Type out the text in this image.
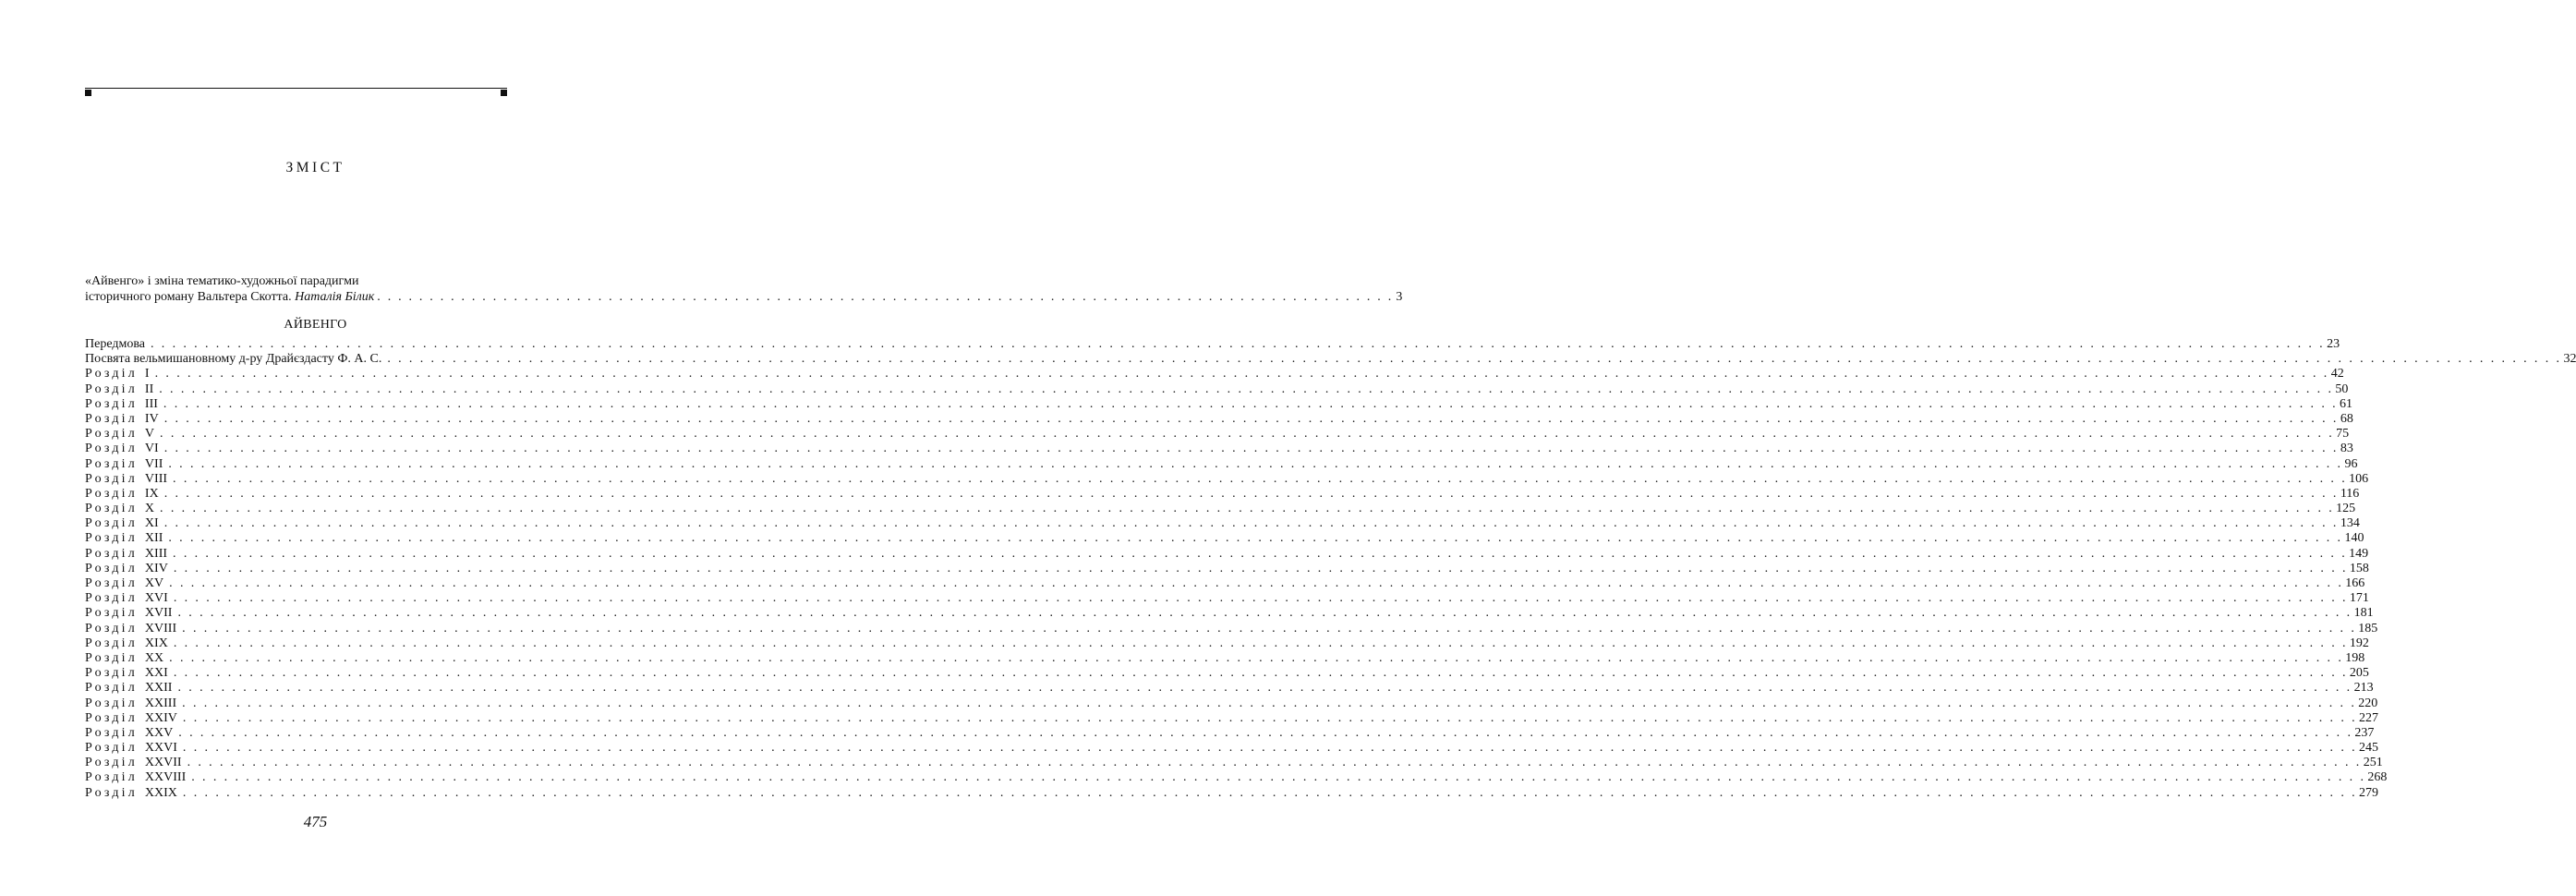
ЗМІСТ
«Айвенго» і зміна тематико-художньої парадигми
історичного роману Вальтера Скотта. Наталія Білик . . . . . . . . . . . . . . . . . . . . . . . . . . . . . . . . . . . . . . . . . . . . . . . . . . . . . . . . . . . . . . . . . . . . . . . . . . . . . . . . . . . . . . . . . . . . . . . . . 3
АЙВЕНГО
Передмова . . . . . . . . . . . . . . . . . . . . . . . . . . . . . . . . . . . . . . . . . . . . . . . . . . . . . . . . . . . . . . . . . . . . . . . . . . . . . . . . . . . . . . . . . . . . . . . . . . . . . . . . . . . . . . . . . . . . . . . . . . . . . . . . . . . . . . . . . . . . . . . . . . . . . . . . . . . . . . . . . . . . . . . . . . . . . . . . . . . . . . . . . . . . . . . . . . . . . . . . 23
Посвята вельмишановному д-ру Драйєздасту Ф. А. С. . . . . . . . . . . . . . . . . . . . . . . . . . . . . . . . . . . . . . . . . . . . . . . . . . . . . . . . . . . . . . . . . . . . . . . . . . . . . . . . . . . . . . . . . . . . . . . . . . . . . . . . . . . . . . . . . . . . . . . . . . . . . . . . . . . . . . . . . . . . . . . . . . . . . . . . . . . . . . . . . . . . . . . . . . . . . . . . . . . . . . . . . . . . . . . . . . . . . . . . . 32
Розділ I . . . . . . . . . . . . . . . . . . . . . . . . . . . . . . . . . . . . . . . . . . . . . . . . . . . . . . . . . . . . . . . . . . . . . . . . . . . . . . . . . . . . . . . . . . . . . . . . . . . . . . . . . . . . . . . . . . . . . . . . . . . . . . . . . . . . . . . . . . . . . . . . . . . . . . . . . . . . . . . . . . . . . . . . . . . . . . . . . . . . . . . . . . . . . . . . . . . . . . . . 42
Розділ II . . . . . . . . . . . . . . . . . . . . . . . . . . . . . . . . . . . . . . . . . . . . . . . . . . . . . . . . . . . . . . . . . . . . . . . . . . . . . . . . . . . . . . . . . . . . . . . . . . . . . . . . . . . . . . . . . . . . . . . . . . . . . . . . . . . . . . . . . . . . . . . . . . . . . . . . . . . . . . . . . . . . . . . . . . . . . . . . . . . . . . . . . . . . . . . . . . . . . . . . 50
Розділ III . . . . . . . . . . . . . . . . . . . . . . . . . . . . . . . . . . . . . . . . . . . . . . . . . . . . . . . . . . . . . . . . . . . . . . . . . . . . . . . . . . . . . . . . . . . . . . . . . . . . . . . . . . . . . . . . . . . . . . . . . . . . . . . . . . . . . . . . . . . . . . . . . . . . . . . . . . . . . . . . . . . . . . . . . . . . . . . . . . . . . . . . . . . . . . . . . . . . . . . . 61
Розділ IV . . . . . . . . . . . . . . . . . . . . . . . . . . . . . . . . . . . . . . . . . . . . . . . . . . . . . . . . . . . . . . . . . . . . . . . . . . . . . . . . . . . . . . . . . . . . . . . . . . . . . . . . . . . . . . . . . . . . . . . . . . . . . . . . . . . . . . . . . . . . . . . . . . . . . . . . . . . . . . . . . . . . . . . . . . . . . . . . . . . . . . . . . . . . . . . . . . . . . . . . 68
Розділ V . . . . . . . . . . . . . . . . . . . . . . . . . . . . . . . . . . . . . . . . . . . . . . . . . . . . . . . . . . . . . . . . . . . . . . . . . . . . . . . . . . . . . . . . . . . . . . . . . . . . . . . . . . . . . . . . . . . . . . . . . . . . . . . . . . . . . . . . . . . . . . . . . . . . . . . . . . . . . . . . . . . . . . . . . . . . . . . . . . . . . . . . . . . . . . . . . . . . . . . . 75
Розділ VI . . . . . . . . . . . . . . . . . . . . . . . . . . . . . . . . . . . . . . . . . . . . . . . . . . . . . . . . . . . . . . . . . . . . . . . . . . . . . . . . . . . . . . . . . . . . . . . . . . . . . . . . . . . . . . . . . . . . . . . . . . . . . . . . . . . . . . . . . . . . . . . . . . . . . . . . . . . . . . . . . . . . . . . . . . . . . . . . . . . . . . . . . . . . . . . . . . . . . . . . 83
Розділ VII . . . . . . . . . . . . . . . . . . . . . . . . . . . . . . . . . . . . . . . . . . . . . . . . . . . . . . . . . . . . . . . . . . . . . . . . . . . . . . . . . . . . . . . . . . . . . . . . . . . . . . . . . . . . . . . . . . . . . . . . . . . . . . . . . . . . . . . . . . . . . . . . . . . . . . . . . . . . . . . . . . . . . . . . . . . . . . . . . . . . . . . . . . . . . . . . . . . . . . . . 96
Розділ VIII . . . . . . . . . . . . . . . . . . . . . . . . . . . . . . . . . . . . . . . . . . . . . . . . . . . . . . . . . . . . . . . . . . . . . . . . . . . . . . . . . . . . . . . . . . . . . . . . . . . . . . . . . . . . . . . . . . . . . . . . . . . . . . . . . . . . . . . . . . . . . . . . . . . . . . . . . . . . . . . . . . . . . . . . . . . . . . . . . . . . . . . . . . . . . . . . . . . . . . . . 106
Розділ IX . . . . . . . . . . . . . . . . . . . . . . . . . . . . . . . . . . . . . . . . . . . . . . . . . . . . . . . . . . . . . . . . . . . . . . . . . . . . . . . . . . . . . . . . . . . . . . . . . . . . . . . . . . . . . . . . . . . . . . . . . . . . . . . . . . . . . . . . . . . . . . . . . . . . . . . . . . . . . . . . . . . . . . . . . . . . . . . . . . . . . . . . . . . . . . . . . . . . . . . . 116
Розділ X . . . . . . . . . . . . . . . . . . . . . . . . . . . . . . . . . . . . . . . . . . . . . . . . . . . . . . . . . . . . . . . . . . . . . . . . . . . . . . . . . . . . . . . . . . . . . . . . . . . . . . . . . . . . . . . . . . . . . . . . . . . . . . . . . . . . . . . . . . . . . . . . . . . . . . . . . . . . . . . . . . . . . . . . . . . . . . . . . . . . . . . . . . . . . . . . . . . . . . . . 125
Розділ XI . . . . . . . . . . . . . . . . . . . . . . . . . . . . . . . . . . . . . . . . . . . . . . . . . . . . . . . . . . . . . . . . . . . . . . . . . . . . . . . . . . . . . . . . . . . . . . . . . . . . . . . . . . . . . . . . . . . . . . . . . . . . . . . . . . . . . . . . . . . . . . . . . . . . . . . . . . . . . . . . . . . . . . . . . . . . . . . . . . . . . . . . . . . . . . . . . . . . . . . . 134
Розділ XII . . . . . . . . . . . . . . . . . . . . . . . . . . . . . . . . . . . . . . . . . . . . . . . . . . . . . . . . . . . . . . . . . . . . . . . . . . . . . . . . . . . . . . . . . . . . . . . . . . . . . . . . . . . . . . . . . . . . . . . . . . . . . . . . . . . . . . . . . . . . . . . . . . . . . . . . . . . . . . . . . . . . . . . . . . . . . . . . . . . . . . . . . . . . . . . . . . . . . . . . 140
Розділ XIII . . . . . . . . . . . . . . . . . . . . . . . . . . . . . . . . . . . . . . . . . . . . . . . . . . . . . . . . . . . . . . . . . . . . . . . . . . . . . . . . . . . . . . . . . . . . . . . . . . . . . . . . . . . . . . . . . . . . . . . . . . . . . . . . . . . . . . . . . . . . . . . . . . . . . . . . . . . . . . . . . . . . . . . . . . . . . . . . . . . . . . . . . . . . . . . . . . . . . . . . 149
Розділ XIV . . . . . . . . . . . . . . . . . . . . . . . . . . . . . . . . . . . . . . . . . . . . . . . . . . . . . . . . . . . . . . . . . . . . . . . . . . . . . . . . . . . . . . . . . . . . . . . . . . . . . . . . . . . . . . . . . . . . . . . . . . . . . . . . . . . . . . . . . . . . . . . . . . . . . . . . . . . . . . . . . . . . . . . . . . . . . . . . . . . . . . . . . . . . . . . . . . . . . . . . 158
Розділ XV . . . . . . . . . . . . . . . . . . . . . . . . . . . . . . . . . . . . . . . . . . . . . . . . . . . . . . . . . . . . . . . . . . . . . . . . . . . . . . . . . . . . . . . . . . . . . . . . . . . . . . . . . . . . . . . . . . . . . . . . . . . . . . . . . . . . . . . . . . . . . . . . . . . . . . . . . . . . . . . . . . . . . . . . . . . . . . . . . . . . . . . . . . . . . . . . . . . . . . . . 166
Розділ XVI . . . . . . . . . . . . . . . . . . . . . . . . . . . . . . . . . . . . . . . . . . . . . . . . . . . . . . . . . . . . . . . . . . . . . . . . . . . . . . . . . . . . . . . . . . . . . . . . . . . . . . . . . . . . . . . . . . . . . . . . . . . . . . . . . . . . . . . . . . . . . . . . . . . . . . . . . . . . . . . . . . . . . . . . . . . . . . . . . . . . . . . . . . . . . . . . . . . . . . . . 171
Розділ XVII . . . . . . . . . . . . . . . . . . . . . . . . . . . . . . . . . . . . . . . . . . . . . . . . . . . . . . . . . . . . . . . . . . . . . . . . . . . . . . . . . . . . . . . . . . . . . . . . . . . . . . . . . . . . . . . . . . . . . . . . . . . . . . . . . . . . . . . . . . . . . . . . . . . . . . . . . . . . . . . . . . . . . . . . . . . . . . . . . . . . . . . . . . . . . . . . . . . . . . . . 181
Розділ XVIII . . . . . . . . . . . . . . . . . . . . . . . . . . . . . . . . . . . . . . . . . . . . . . . . . . . . . . . . . . . . . . . . . . . . . . . . . . . . . . . . . . . . . . . . . . . . . . . . . . . . . . . . . . . . . . . . . . . . . . . . . . . . . . . . . . . . . . . . . . . . . . . . . . . . . . . . . . . . . . . . . . . . . . . . . . . . . . . . . . . . . . . . . . . . . . . . . . . . . . . . 185
Розділ XIX . . . . . . . . . . . . . . . . . . . . . . . . . . . . . . . . . . . . . . . . . . . . . . . . . . . . . . . . . . . . . . . . . . . . . . . . . . . . . . . . . . . . . . . . . . . . . . . . . . . . . . . . . . . . . . . . . . . . . . . . . . . . . . . . . . . . . . . . . . . . . . . . . . . . . . . . . . . . . . . . . . . . . . . . . . . . . . . . . . . . . . . . . . . . . . . . . . . . . . . . 192
Розділ XX . . . . . . . . . . . . . . . . . . . . . . . . . . . . . . . . . . . . . . . . . . . . . . . . . . . . . . . . . . . . . . . . . . . . . . . . . . . . . . . . . . . . . . . . . . . . . . . . . . . . . . . . . . . . . . . . . . . . . . . . . . . . . . . . . . . . . . . . . . . . . . . . . . . . . . . . . . . . . . . . . . . . . . . . . . . . . . . . . . . . . . . . . . . . . . . . . . . . . . . . 198
Розділ XXI . . . . . . . . . . . . . . . . . . . . . . . . . . . . . . . . . . . . . . . . . . . . . . . . . . . . . . . . . . . . . . . . . . . . . . . . . . . . . . . . . . . . . . . . . . . . . . . . . . . . . . . . . . . . . . . . . . . . . . . . . . . . . . . . . . . . . . . . . . . . . . . . . . . . . . . . . . . . . . . . . . . . . . . . . . . . . . . . . . . . . . . . . . . . . . . . . . . . . . . . 205
Розділ XXII . . . . . . . . . . . . . . . . . . . . . . . . . . . . . . . . . . . . . . . . . . . . . . . . . . . . . . . . . . . . . . . . . . . . . . . . . . . . . . . . . . . . . . . . . . . . . . . . . . . . . . . . . . . . . . . . . . . . . . . . . . . . . . . . . . . . . . . . . . . . . . . . . . . . . . . . . . . . . . . . . . . . . . . . . . . . . . . . . . . . . . . . . . . . . . . . . . . . . . . . 213
Розділ XXIII . . . . . . . . . . . . . . . . . . . . . . . . . . . . . . . . . . . . . . . . . . . . . . . . . . . . . . . . . . . . . . . . . . . . . . . . . . . . . . . . . . . . . . . . . . . . . . . . . . . . . . . . . . . . . . . . . . . . . . . . . . . . . . . . . . . . . . . . . . . . . . . . . . . . . . . . . . . . . . . . . . . . . . . . . . . . . . . . . . . . . . . . . . . . . . . . . . . . . . . . 220
Розділ XXIV . . . . . . . . . . . . . . . . . . . . . . . . . . . . . . . . . . . . . . . . . . . . . . . . . . . . . . . . . . . . . . . . . . . . . . . . . . . . . . . . . . . . . . . . . . . . . . . . . . . . . . . . . . . . . . . . . . . . . . . . . . . . . . . . . . . . . . . . . . . . . . . . . . . . . . . . . . . . . . . . . . . . . . . . . . . . . . . . . . . . . . . . . . . . . . . . . . . . . . . . 227
Розділ XXV . . . . . . . . . . . . . . . . . . . . . . . . . . . . . . . . . . . . . . . . . . . . . . . . . . . . . . . . . . . . . . . . . . . . . . . . . . . . . . . . . . . . . . . . . . . . . . . . . . . . . . . . . . . . . . . . . . . . . . . . . . . . . . . . . . . . . . . . . . . . . . . . . . . . . . . . . . . . . . . . . . . . . . . . . . . . . . . . . . . . . . . . . . . . . . . . . . . . . . . . 237
Розділ XXVI . . . . . . . . . . . . . . . . . . . . . . . . . . . . . . . . . . . . . . . . . . . . . . . . . . . . . . . . . . . . . . . . . . . . . . . . . . . . . . . . . . . . . . . . . . . . . . . . . . . . . . . . . . . . . . . . . . . . . . . . . . . . . . . . . . . . . . . . . . . . . . . . . . . . . . . . . . . . . . . . . . . . . . . . . . . . . . . . . . . . . . . . . . . . . . . . . . . . . . . . 245
Розділ XXVII . . . . . . . . . . . . . . . . . . . . . . . . . . . . . . . . . . . . . . . . . . . . . . . . . . . . . . . . . . . . . . . . . . . . . . . . . . . . . . . . . . . . . . . . . . . . . . . . . . . . . . . . . . . . . . . . . . . . . . . . . . . . . . . . . . . . . . . . . . . . . . . . . . . . . . . . . . . . . . . . . . . . . . . . . . . . . . . . . . . . . . . . . . . . . . . . . . . . . . . . 251
Розділ XXVIII . . . . . . . . . . . . . . . . . . . . . . . . . . . . . . . . . . . . . . . . . . . . . . . . . . . . . . . . . . . . . . . . . . . . . . . . . . . . . . . . . . . . . . . . . . . . . . . . . . . . . . . . . . . . . . . . . . . . . . . . . . . . . . . . . . . . . . . . . . . . . . . . . . . . . . . . . . . . . . . . . . . . . . . . . . . . . . . . . . . . . . . . . . . . . . . . . . . . . . . . 268
Розділ XXIX . . . . . . . . . . . . . . . . . . . . . . . . . . . . . . . . . . . . . . . . . . . . . . . . . . . . . . . . . . . . . . . . . . . . . . . . . . . . . . . . . . . . . . . . . . . . . . . . . . . . . . . . . . . . . . . . . . . . . . . . . . . . . . . . . . . . . . . . . . . . . . . . . . . . . . . . . . . . . . . . . . . . . . . . . . . . . . . . . . . . . . . . . . . . . . . . . . . . . . . . 279
475
